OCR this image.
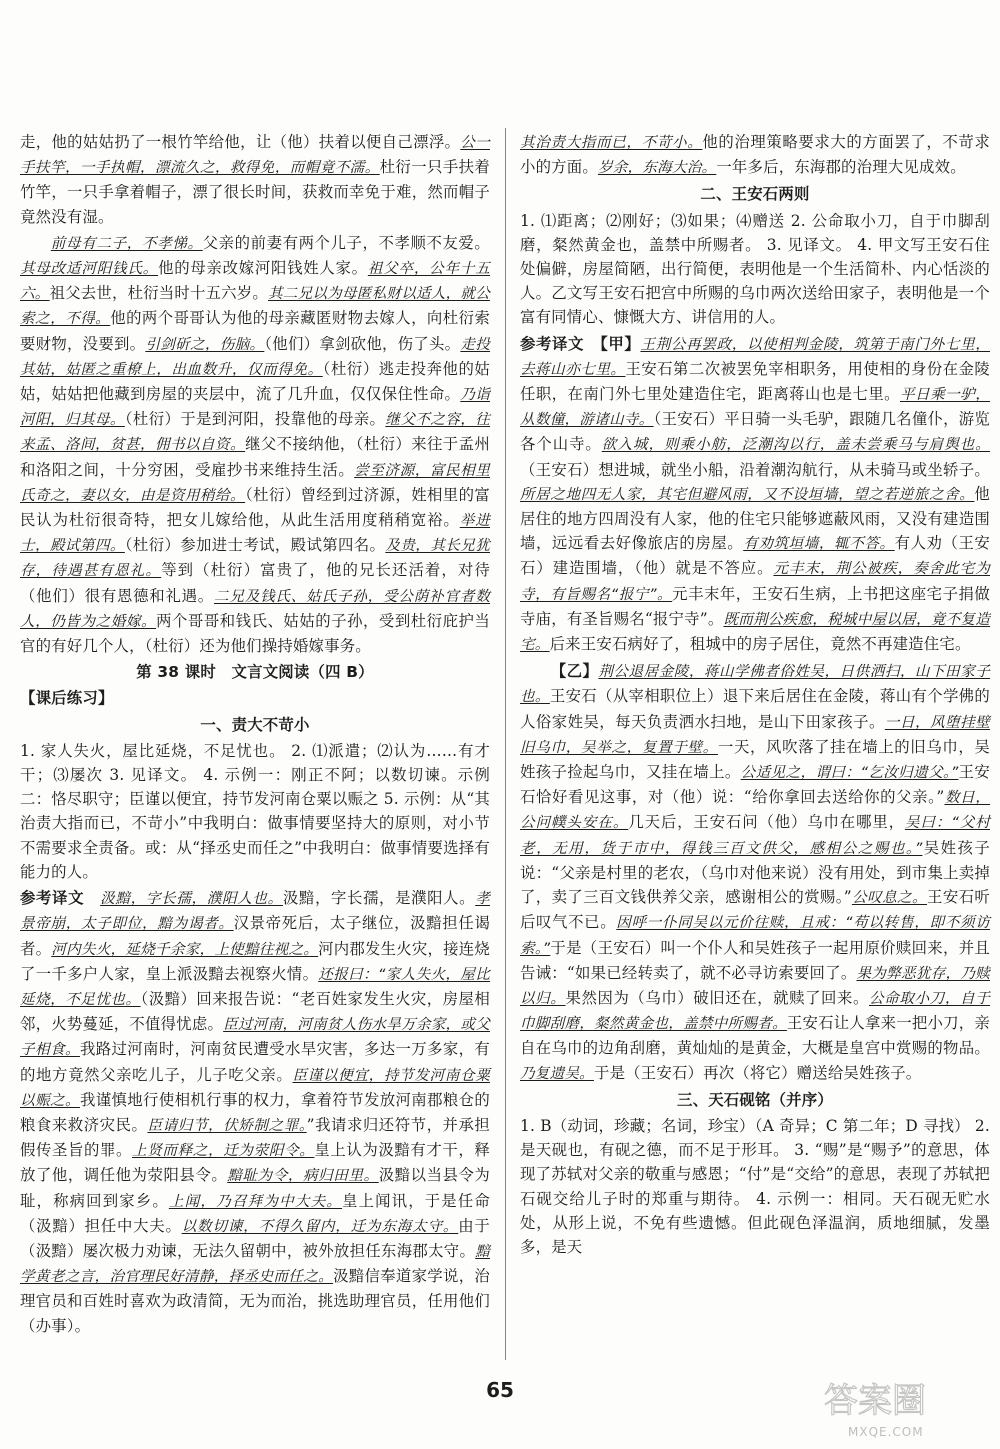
走，他的姑姑扔了一根竹竿给他，让（他）扶着以便自己漂浮。公一手扶竿，一手执帽，漂流久之，救得免，而帽竟不濡。杜衍一只手扶着竹竿，一只手拿着帽子，漂了很长时间，获救而幸免于难，然而帽子竟然没有湿。

前母有二子，不孝悌。父亲的前妻有两个儿子，不孝顺不友爱。其母改适河阳钱氏。他的母亲改嫁河阳钱姓人家。祖父卒，公年十五六。祖父去世，杜衍当时十五六岁。其二兄以为母匿私财以适人，就公索之，不得。他的两个哥哥认为他的母亲藏匿财物去嫁人，向杜衍索要财物，没要到。引剑斫之，伤脑。（他们）拿剑砍他，伤了头。走投其姑，姑匿之重橑上，出血数升，仅而得免。（杜衍）逃走投奔他的姑姑，姑姑把他藏到房屋的夹层中，流了几升血，仅仅保住性命。乃诣河阳，归其母。（杜衍）于是到河阳，投靠他的母亲。继父不之容，往来孟、洛间，贫甚，佣书以自资。继父不接纳他，（杜衍）来往于孟州和洛阳之间，十分穷困，受雇抄书来维持生活。尝至济源，富民相里氏奇之，妻以女，由是资用稍给。（杜衍）曾经到过济源，姓相里的富民认为杜衍很奇特，把女儿嫁给他，从此生活用度稍稍宽裕。举进士，殿试第四。（杜衍）参加进士考试，殿试第四名。及贵，其长兄犹存，待遇甚有恩礼。等到（杜衍）富贵了，他的兄长还活着，对待（他们）很有恩德和礼遇。二兄及钱氏、姑氏子孙，受公荫补官者数人，仍皆为之婚嫁。两个哥哥和钱氏、姑姑的子孙，受到杜衍庇护当官的有好几个人，（杜衍）还为他们操持婚嫁事务。

第 38 课时　文言文阅读（四 B）
【课后练习】
一、责大不苛小

1. 家人失火，屋比延烧，不足忧也。 2. ⑴派遣；⑵认为……有才干；⑶屡次 3. 见译文。 4. 示例一：刚正不阿；以数切谏。示例二：恪尽职守；臣谨以便宜，持节发河南仓粟以赈之 5. 示例：从“其治责大指而已，不苛小”中我明白：做事情要坚持大的原则，对小节不需要求全责备。或：从“择丞史而任之”中我明白：做事情要选择有能力的人。

参考译文　 汲黯，字长孺，濮阳人也。汲黯，字长孺，是濮阳人。孝景帝崩，太子即位，黯为谒者。汉景帝死后，太子继位，汲黯担任谒者。河内失火，延烧千余家，上使黯往视之。河内郡发生火灾，接连烧了一千多户人家，皇上派汲黯去视察火情。还报曰：“家人失火，屋比延烧，不足忧也。（汲黯）回来报告说：“老百姓家发生火灾，房屋相邻，火势蔓延，不值得忧虑。臣过河南，河南贫人伤水旱万余家，或父子相食。我路过河南时，河南贫民遭受水旱灾害，多达一万多家，有的地方竟然父亲吃儿子，儿子吃父亲。臣谨以便宜，持节发河南仓粟以赈之。我谨慎地行使相机行事的权力，拿着符节发放河南郡粮仓的粮食来救济灾民。臣请归节，伏矫制之罪。”我请求归还符节，并承担假传圣旨的罪。上贤而释之，迁为荥阳令。皇上认为汲黯有才干，释放了他，调任他为荥阳县令。黯耻为令，病归田里。汲黯以当县令为耻，称病回到家乡。上闻，乃召拜为中大夫。皇上闻讯，于是任命（汲黯）担任中大夫。以数切谏，不得久留内，迁为东海太守。由于（汲黯）屡次极力劝谏，无法久留朝中，被外放担任东海郡太守。黯学黄老之言，治官理民好清静，择丞史而任之。汲黯信奉道家学说，治理官员和百姓时喜欢为政清简，无为而治，挑选助理官员，任用他们（办事）。

其治责大指而已，不苛小。他的治理策略要求大的方面罢了，不苛求小的方面。岁余，东海大治。一年多后，东海郡的治理大见成效。

二、王安石两则

1. ⑴距离；⑵刚好；⑶如果；⑷赠送 2. 公命取小刀，自于巾脚刮磨，粲然黄金也，盖禁中所赐者。 3. 见译文。 4. 甲文写王安石住处偏僻，房屋简陋，出行简便，表明他是一个生活简朴、内心恬淡的人。乙文写王安石把宫中所赐的乌巾两次送给田家子，表明他是一个富有同情心、慷慨大方、讲信用的人。

参考译文　 【甲】王荆公再罢政，以使相判金陵，筑第于南门外七里，去蒋山亦七里。王安石第二次被罢免宰相职务，用使相的身份在金陵任职，在南门外七里处建造住宅，距离蒋山也是七里。平日乘一驴，从数僮，游诸山寺。（王安石）平日骑一头毛驴，跟随几名僮仆，游览各个山寺。欲入城，则乘小舫，泛潮沟以行，盖未尝乘马与肩舆也。（王安石）想进城，就坐小船，沿着潮沟航行，从未骑马或坐轿子。所居之地四无人家，其宅但避风雨，又不设垣墙，望之若逆旅之舍。他居住的地方四周没有人家，他的住宅只能够遮蔽风雨，又没有建造围墙，远远看去好像旅店的房屋。有劝筑垣墙，辄不答。有人劝（王安石）建造围墙，（他）就是不答应。元丰末，荆公被疾，奏舍此宅为寺，有旨赐名“报宁”。元丰末年，王安石生病，上书把这座宅子捐做寺庙，有圣旨赐名“报宁寺”。既而荆公疾愈，税城中屋以居，竟不复造宅。后来王安石病好了，租城中的房子居住，竟然不再建造住宅。

【乙】荆公退居金陵，蒋山学佛者俗姓吴，日供洒扫，山下田家子也。王安石（从宰相职位上）退下来后居住在金陵，蒋山有个学佛的人俗家姓吴，每天负责洒水扫地，是山下田家孩子。一日，风堕挂壁旧乌巾，吴举之，复置于壁。一天，风吹落了挂在墙上的旧乌巾，吴姓孩子捡起乌巾，又挂在墙上。公适见之，谓曰：“乞汝归遗父。”王安石恰好看见这事，对（他）说：“给你拿回去送给你的父亲。”数日，公问幞头安在。几天后，王安石问（他）乌巾在哪里，吴曰：“父村老，无用，货于市中，得钱三百文供父，感相公之赐也。”吴姓孩子说：“父亲是村里的老农，（乌巾对他来说）没有用处，到市集上卖掉了，卖了三百文钱供养父亲，感谢相公的赏赐。”公叹息之。王安石听后叹气不已。因呼一仆同吴以元价往赎，且戒：“苟以转售，即不须访索。”于是（王安石）叫一个仆人和吴姓孩子一起用原价赎回来，并且告诫：“如果已经转卖了，就不必寻访索要回了。果为弊恶犹存，乃赎以归。果然因为（乌巾）破旧还在，就赎了回来。公命取小刀，自于巾脚刮磨，粲然黄金也，盖禁中所赐者。王安石让人拿来一把小刀，亲自在乌巾的边角刮磨，黄灿灿的是黄金，大概是皇宫中赏赐的物品。乃复遗吴。于是（王安石）再次（将它）赠送给吴姓孩子。

三、天石砚铭（并序）

1. B（动词，珍藏；名词，珍宝）（A 奇异；C 第二年；D 寻找） 2. 是天砚也，有砚之德，而不足于形耳。 3. “赐”是“赐予”的意思，体现了苏轼对父亲的敬重与感恩；“付”是“交给”的意思，表现了苏轼把石砚交给儿子时的郑重与期待。 4. 示例一：相同。天石砚无贮水处，从形上说，不免有些遗憾。但此砚色泽温润，质地细腻，发墨多，是天

65	答案圈
MXQE.COM
